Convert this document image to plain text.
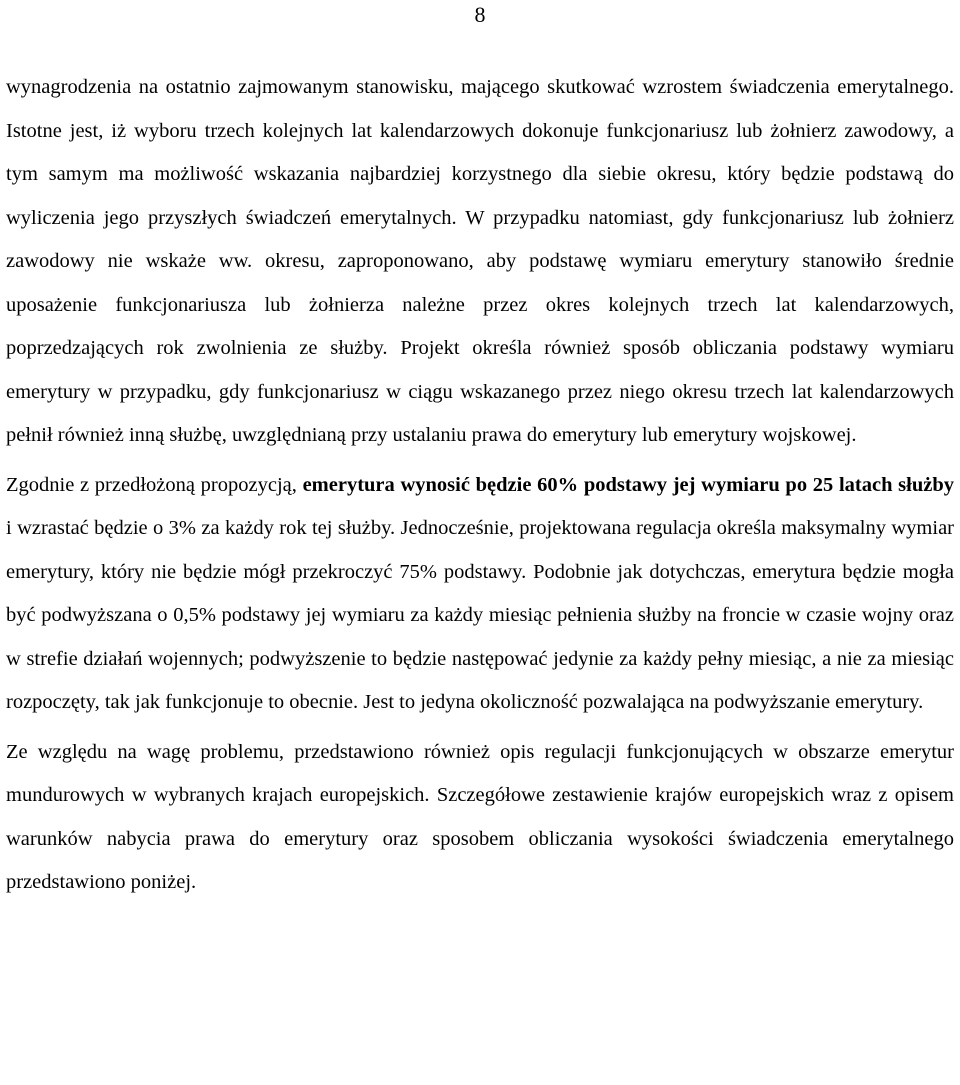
8

wynagrodzenia na ostatnio zajmowanym stanowisku, mającego skutkować wzrostem świadczenia emerytalnego. Istotne jest, iż wyboru trzech kolejnych lat kalendarzowych dokonuje funkcjonariusz lub żołnierz zawodowy, a tym samym ma możliwość wskazania najbardziej korzystnego dla siebie okresu, który będzie podstawą do wyliczenia jego przyszłych świadczeń emerytalnych. W przypadku natomiast, gdy funkcjonariusz lub żołnierz zawodowy nie wskaże ww. okresu, zaproponowano, aby podstawę wymiaru emerytury stanowiło średnie uposażenie funkcjonariusza lub żołnierza należne przez okres kolejnych trzech lat kalendarzowych, poprzedzających rok zwolnienia ze służby. Projekt określa również sposób obliczania podstawy wymiaru emerytury w przypadku, gdy funkcjonariusz w ciągu wskazanego przez niego okresu trzech lat kalendarzowych pełnił również inną służbę, uwzględnianą przy ustalaniu prawa do emerytury lub emerytury wojskowej.

Zgodnie z przedłożoną propozycją, emerytura wynosić będzie 60% podstawy jej wymiaru po 25 latach służby i wzrastać będzie o 3% za każdy rok tej służby. Jednocześnie, projektowana regulacja określa maksymalny wymiar emerytury, który nie będzie mógł przekroczyć 75% podstawy. Podobnie jak dotychczas, emerytura będzie mogła być podwyższana o 0,5% podstawy jej wymiaru za każdy miesiąc pełnienia służby na froncie w czasie wojny oraz w strefie działań wojennych; podwyższenie to będzie następować jedynie za każdy pełny miesiąc, a nie za miesiąc rozpoczęty, tak jak funkcjonuje to obecnie. Jest to jedyna okoliczność pozwalająca na podwyższanie emerytury.

Ze względu na wagę problemu, przedstawiono również opis regulacji funkcjonujących w obszarze emerytur mundurowych w wybranych krajach europejskich. Szczegółowe zestawienie krajów europejskich wraz z opisem warunków nabycia prawa do emerytury oraz sposobem obliczania wysokości świadczenia emerytalnego przedstawiono poniżej.
